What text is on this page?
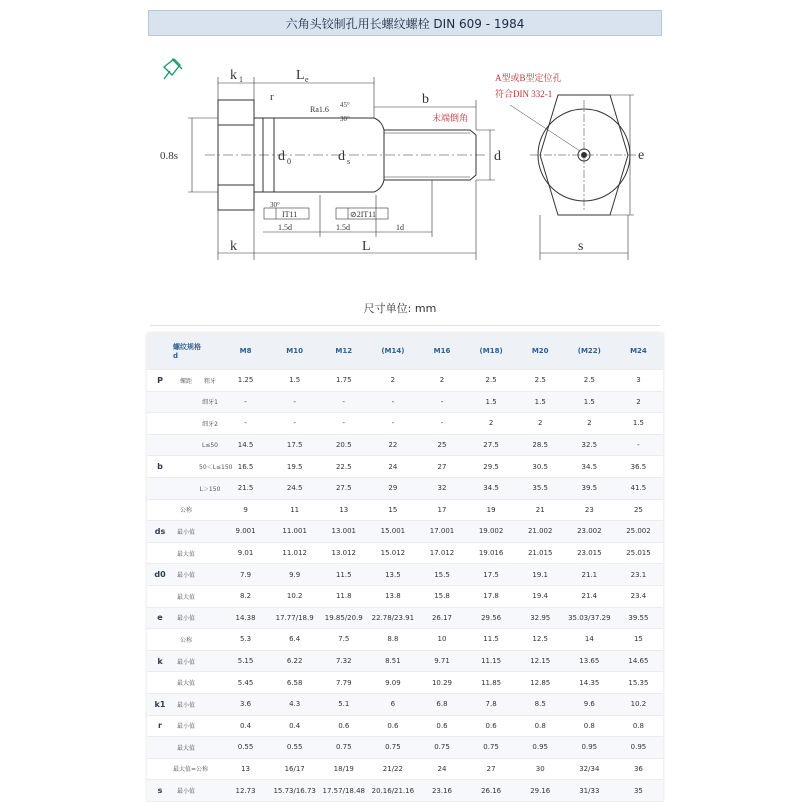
六角头铰制孔用长螺纹螺栓 DIN 609 - 1984
k 1	L e
b
r
Ra1.6 45°
30°
30°
末端倒角
d 0	d s	d
0.8s
IT11	⊘2IT11
1.5d	1.5d	1d
k	L	s
e
A型或B型定位孔
符合DIN 332-1
尺寸单位: mm
螺纹规格
d			M8	M10	M12	(M14)	M16	(M18)	M20	(M22)	M24
P	螺距	粗牙	1.25	1.5	1.75	2	2	2.5	2.5	2.5	3
		细牙1	-	-	-	-	-	1.5	1.5	1.5	2
		细牙2	-	-	-	-	-	2	2	2	1.5
		L≤50	14.5	17.5	20.5	22	25	27.5	28.5	32.5	-
b		50＜L≤150	16.5	19.5	22.5	24	27	29.5	30.5	34.5	36.5
		L＞150	21.5	24.5	27.5	29	32	34.5	35.5	39.5	41.5
	公称		9	11	13	15	17	19	21	23	25
ds	最小值		9.001	11.001	13.001	15.001	17.001	19.002	21.002	23.002	25.002
	最大值		9.01	11.012	13.012	15.012	17.012	19.016	21.015	23.015	25.015
d0	最小值		7.9	9.9	11.5	13.5	15.5	17.5	19.1	21.1	23.1
	最大值		8.2	10.2	11.8	13.8	15.8	17.8	19.4	21.4	23.4
e	最小值		14.38	17.77/18.9	19.85/20.9	22.78/23.91	26.17	29.56	32.95	35.03/37.29	39.55
	公称		5.3	6.4	7.5	8.8	10	11.5	12.5	14	15
k	最小值		5.15	6.22	7.32	8.51	9.71	11.15	12.15	13.65	14.65
	最大值		5.45	6.58	7.79	9.09	10.29	11.85	12.85	14.35	15.35
k1	最小值		3.6	4.3	5.1	6	6.8	7.8	8.5	9.6	10.2
r	最小值		0.4	0.4	0.6	0.6	0.6	0.6	0.8	0.8	0.8
	最大值		0.55	0.55	0.75	0.75	0.75	0.75	0.95	0.95	0.95
	最大值=公称		13	16/17	18/19	21/22	24	27	30	32/34	36
s	最小值		12.73	15.73/16.73	17.57/18.48	20.16/21.16	23.16	26.16	29.16	31/33	35
